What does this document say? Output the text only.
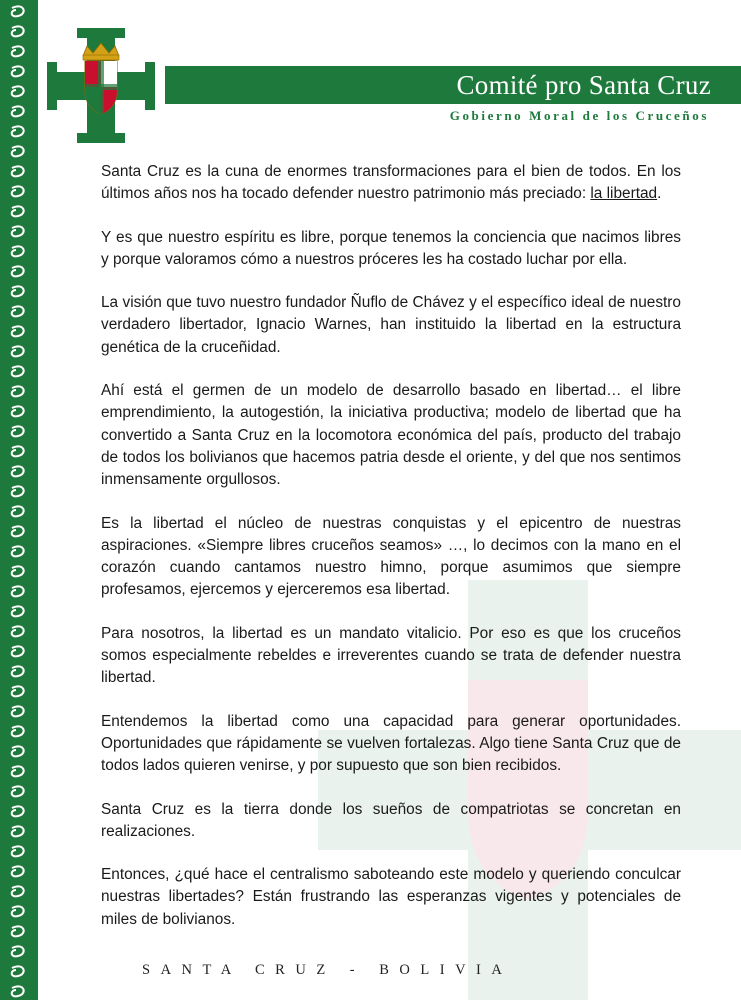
Comité pro Santa Cruz
Gobierno Moral de los Cruceños

Santa Cruz es la cuna de enormes transformaciones para el bien de todos. En los últimos años nos ha tocado defender nuestro patrimonio más preciado: la libertad.

Y es que nuestro espíritu es libre, porque tenemos la conciencia que nacimos libres y porque valoramos cómo a nuestros próceres les ha costado luchar por ella.

La visión que tuvo nuestro fundador Ñuflo de Chávez y el específico ideal de nuestro verdadero libertador, Ignacio Warnes, han instituido la libertad en la estructura genética de la cruceñidad.

Ahí está el germen de un modelo de desarrollo basado en libertad… el libre emprendimiento, la autogestión, la iniciativa productiva; modelo de libertad que ha convertido a Santa Cruz en la locomotora económica del país, producto del trabajo de todos los bolivianos que hacemos patria desde el oriente, y del que nos sentimos inmensamente orgullosos.

Es la libertad el núcleo de nuestras conquistas y el epicentro de nuestras aspiraciones. «Siempre libres cruceños seamos» …, lo decimos con la mano en el corazón cuando cantamos nuestro himno, porque asumimos que siempre profesamos, ejercemos y ejerceremos esa libertad.

Para nosotros, la libertad es un mandato vitalicio. Por eso es que los cruceños somos especialmente rebeldes e irreverentes cuando se trata de defender nuestra libertad.

Entendemos la libertad como una capacidad para generar oportunidades. Oportunidades que rápidamente se vuelven fortalezas. Algo tiene Santa Cruz que de todos lados quieren venirse, y por supuesto que son bien recibidos.

Santa Cruz es la tierra donde los sueños de compatriotas se concretan en realizaciones.

Entonces, ¿qué hace el centralismo saboteando este modelo y queriendo conculcar nuestras libertades? Están frustrando las esperanzas vigentes y potenciales de miles de bolivianos.

SANTA CRUZ - BOLIVIA
